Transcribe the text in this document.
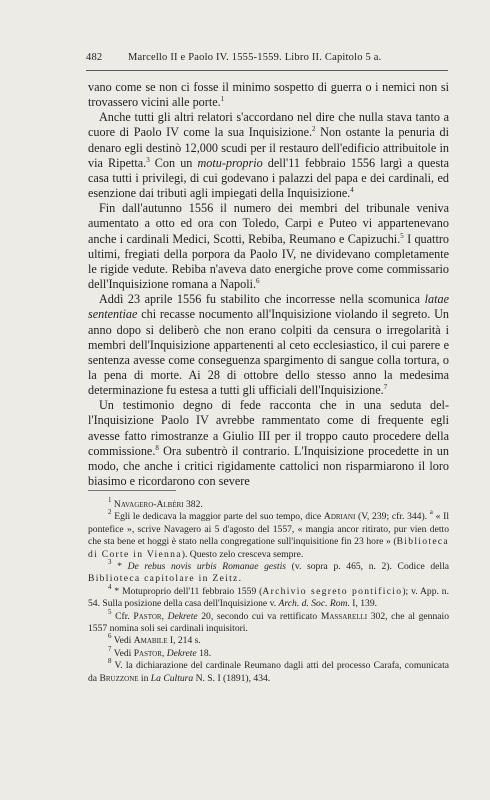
482 Marcello II e Paolo IV. 1555-1559. Libro II. Capitolo 5 a.

vano come se non ci fosse il minimo sospetto di guerra o i nemici non si trovassero vicini alle porte.$^1$

Anche tutti gli altri relatori s'accordano nel dire che nulla stava tanto a cuore di Paolo IV come la sua Inquisizione.$^2$ Non ostante la penuria di denaro egli destinò 12,000 scudi per il restauro dell'edificio attribuitole in via Ripetta.$^3$ Con un motu-proprio dell'11 febbraio 1556 largì a questa casa tutti i privilegi, di cui godevano i palazzi del papa e dei cardinali, ed esenzione dai tributi agli impiegati della Inquisizione.$^4$

Fin dall'autunno 1556 il numero dei membri del tribunale veniva aumentato a otto ed ora con Toledo, Carpi e Puteo vi appartenevano anche i cardinali Medici, Scotti, Rebiba, Reumano e Capizuchi.$^5$ I quattro ultimi, fregiati della porpora da Paolo IV, ne dividevano completamente le rigide vedute. Rebiba n'aveva dato energiche prove come commissario dell'Inquisizione romana a Napoli.$^6$

Addì 23 aprile 1556 fu stabilito che incorresse nella scomunica latae sententiae chi recasse nocumento all'Inquisizione violando il segreto. Un anno dopo si deliberò che non erano colpiti da censura o irregolarità i membri dell'Inquisizione appartenenti al ceto ecclesiastico, il cui parere e sentenza avesse come conseguenza spargimento di sangue colla tortura, o la pena di morte. Ai 28 di ottobre dello stesso anno la medesima determinazione fu estesa a tutti gli ufficiali dell'Inquisizione.$^7$

Un testimonio degno di fede racconta che in una seduta dell'Inquisizione Paolo IV avrebbe rammentato come di frequente egli avesse fatto rimostranze a Giulio III per il troppo cauto procedere della commissione.$^8$ Ora subentrò il contrario. L'Inquisizione procedette in un modo, che anche i critici rigidamente cattolici non risparmiarono il loro biasimo e ricordarono con severe

$^1$ Navagero-Albèri 382.

$^2$ Egli le dedicava la maggior parte del suo tempo, dice Adriani (V, 239; cfr. 344). $^a$ « Il pontefice », scrive Navagero ai 5 d'agosto del 1557, « mangia ancor ritirato, pur vien detto che sta bene et hoggi è stato nella congregatione sull'inquisitione fin 23 hore » (Biblioteca di Corte in Vienna). Questo zelo cresceva sempre.

$^3$ * De rebus novis urbis Romanae gestis (v. sopra p. 465, n. 2). Codice della Biblioteca capitolare in Zeitz.

$^4$ * Motuproprio dell'11 febbraio 1559 (Archivio segreto pontificio); v. App. n. 54. Sulla posizione della casa dell'Inquisizione v. Arch. d. Soc. Rom. I, 139.

$^5$ Cfr. Pastor, Dekrete 20, secondo cui va rettificato Massarelli 302, che al gennaio 1557 nomina soli sei cardinali inquisitori.

$^6$ Vedi Amabile I, 214 s.

$^7$ Vedi Pastor, Dekrete 18.

$^8$ V. la dichiarazione del cardinale Reumano dagli atti del processo Carafa, comunicata da Bruzzone in La Cultura N. S. I (1891), 434.
